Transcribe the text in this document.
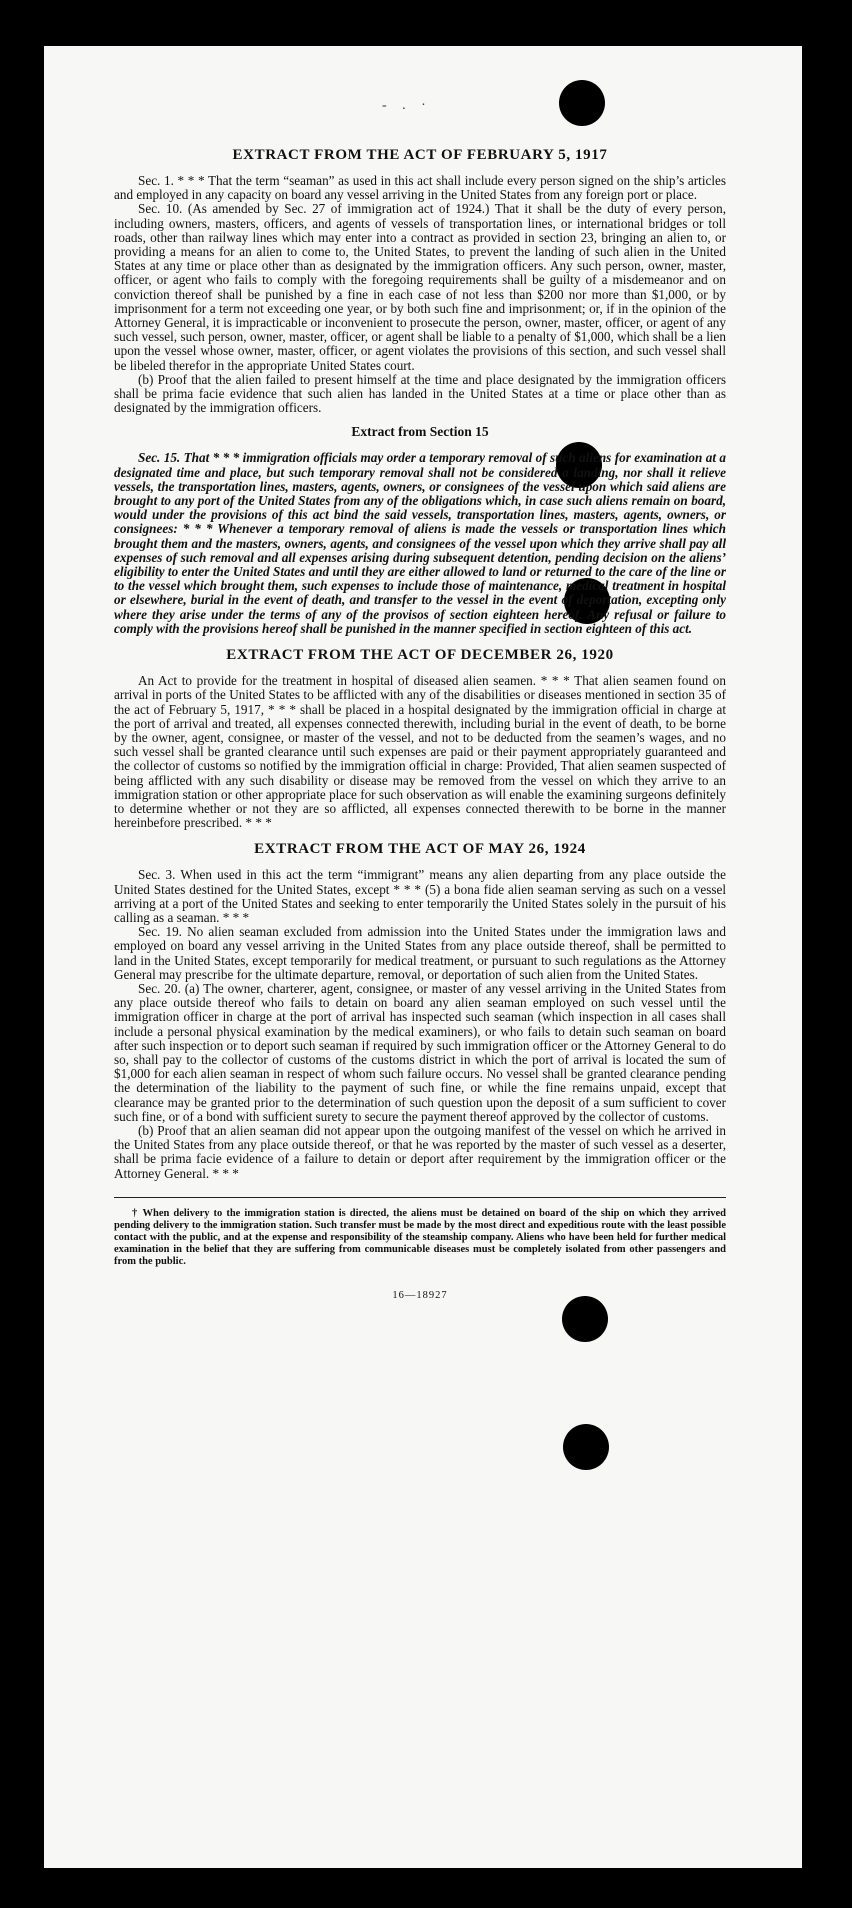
- . ·
EXTRACT FROM THE ACT OF FEBRUARY 5, 1917

Sec. 1. * * * That the term “seaman” as used in this act shall include every person signed on the ship’s articles and employed in any capacity on board any vessel arriving in the United States from any foreign port or place.

Sec. 10. (As amended by Sec. 27 of immigration act of 1924.) That it shall be the duty of every person, including owners, masters, officers, and agents of vessels of transportation lines, or international bridges or toll roads, other than railway lines which may enter into a contract as provided in section 23, bringing an alien to, or providing a means for an alien to come to, the United States, to prevent the landing of such alien in the United States at any time or place other than as designated by the immigration officers. Any such person, owner, master, officer, or agent who fails to comply with the foregoing requirements shall be guilty of a misdemeanor and on conviction thereof shall be punished by a fine in each case of not less than $200 nor more than $1,000, or by imprisonment for a term not exceeding one year, or by both such fine and imprisonment; or, if in the opinion of the Attorney General, it is impracticable or inconvenient to prosecute the person, owner, master, officer, or agent of any such vessel, such person, owner, master, officer, or agent shall be liable to a penalty of $1,000, which shall be a lien upon the vessel whose owner, master, officer, or agent violates the provisions of this section, and such vessel shall be libeled therefor in the appropriate United States court.

(b) Proof that the alien failed to present himself at the time and place designated by the immigration officers shall be prima facie evidence that such alien has landed in the United States at a time or place other than as designated by the immigration officers.

Extract from Section 15

Sec. 15. That * * * immigration officials may order a temporary removal of such aliens for examination at a designated time and place, but such temporary removal shall not be considered a landing, nor shall it relieve vessels, the transportation lines, masters, agents, owners, or consignees of the vessel upon which said aliens are brought to any port of the United States from any of the obligations which, in case such aliens remain on board, would under the provisions of this act bind the said vessels, transportation lines, masters, agents, owners, or consignees: * * * Whenever a temporary removal of aliens is made the vessels or transportation lines which brought them and the masters, owners, agents, and consignees of the vessel upon which they arrive shall pay all expenses of such removal and all expenses arising during subsequent detention, pending decision on the aliens’ eligibility to enter the United States and until they are either allowed to land or returned to the care of the line or to the vessel which brought them, such expenses to include those of maintenance, medical treatment in hospital or elsewhere, burial in the event of death, and transfer to the vessel in the event of deportation, excepting only where they arise under the terms of any of the provisos of section eighteen hereof. Any refusal or failure to comply with the provisions hereof shall be punished in the manner specified in section eighteen of this act.

EXTRACT FROM THE ACT OF DECEMBER 26, 1920

An Act to provide for the treatment in hospital of diseased alien seamen. * * * That alien seamen found on arrival in ports of the United States to be afflicted with any of the disabilities or diseases mentioned in section 35 of the act of February 5, 1917, * * * shall be placed in a hospital designated by the immigration official in charge at the port of arrival and treated, all expenses connected therewith, including burial in the event of death, to be borne by the owner, agent, consignee, or master of the vessel, and not to be deducted from the seamen’s wages, and no such vessel shall be granted clearance until such expenses are paid or their payment appropriately guaranteed and the collector of customs so notified by the immigration official in charge: Provided, That alien seamen suspected of being afflicted with any such disability or disease may be removed from the vessel on which they arrive to an immigration station or other appropriate place for such observation as will enable the examining surgeons definitely to determine whether or not they are so afflicted, all expenses connected therewith to be borne in the manner hereinbefore prescribed. * * *

EXTRACT FROM THE ACT OF MAY 26, 1924

Sec. 3. When used in this act the term “immigrant” means any alien departing from any place outside the United States destined for the United States, except * * * (5) a bona fide alien seaman serving as such on a vessel arriving at a port of the United States and seeking to enter temporarily the United States solely in the pursuit of his calling as a seaman. * * *

Sec. 19. No alien seaman excluded from admission into the United States under the immigration laws and employed on board any vessel arriving in the United States from any place outside thereof, shall be permitted to land in the United States, except temporarily for medical treatment, or pursuant to such regulations as the Attorney General may prescribe for the ultimate departure, removal, or deportation of such alien from the United States.

Sec. 20. (a) The owner, charterer, agent, consignee, or master of any vessel arriving in the United States from any place outside thereof who fails to detain on board any alien seaman employed on such vessel until the immigration officer in charge at the port of arrival has inspected such seaman (which inspection in all cases shall include a personal physical examination by the medical examiners), or who fails to detain such seaman on board after such inspection or to deport such seaman if required by such immigration officer or the Attorney General to do so, shall pay to the collector of customs of the customs district in which the port of arrival is located the sum of $1,000 for each alien seaman in respect of whom such failure occurs. No vessel shall be granted clearance pending the determination of the liability to the payment of such fine, or while the fine remains unpaid, except that clearance may be granted prior to the determination of such question upon the deposit of a sum sufficient to cover such fine, or of a bond with sufficient surety to secure the payment thereof approved by the collector of customs.

(b) Proof that an alien seaman did not appear upon the outgoing manifest of the vessel on which he arrived in the United States from any place outside thereof, or that he was reported by the master of such vessel as a deserter, shall be prima facie evidence of a failure to detain or deport after requirement by the immigration officer or the Attorney General. * * *

† When delivery to the immigration station is directed, the aliens must be detained on board of the ship on which they arrived pending delivery to the immigration station. Such transfer must be made by the most direct and expeditious route with the least possible contact with the public, and at the expense and responsibility of the steamship company. Aliens who have been held for further medical examination in the belief that they are suffering from communicable diseases must be completely isolated from other passengers and from the public.
16—18927
